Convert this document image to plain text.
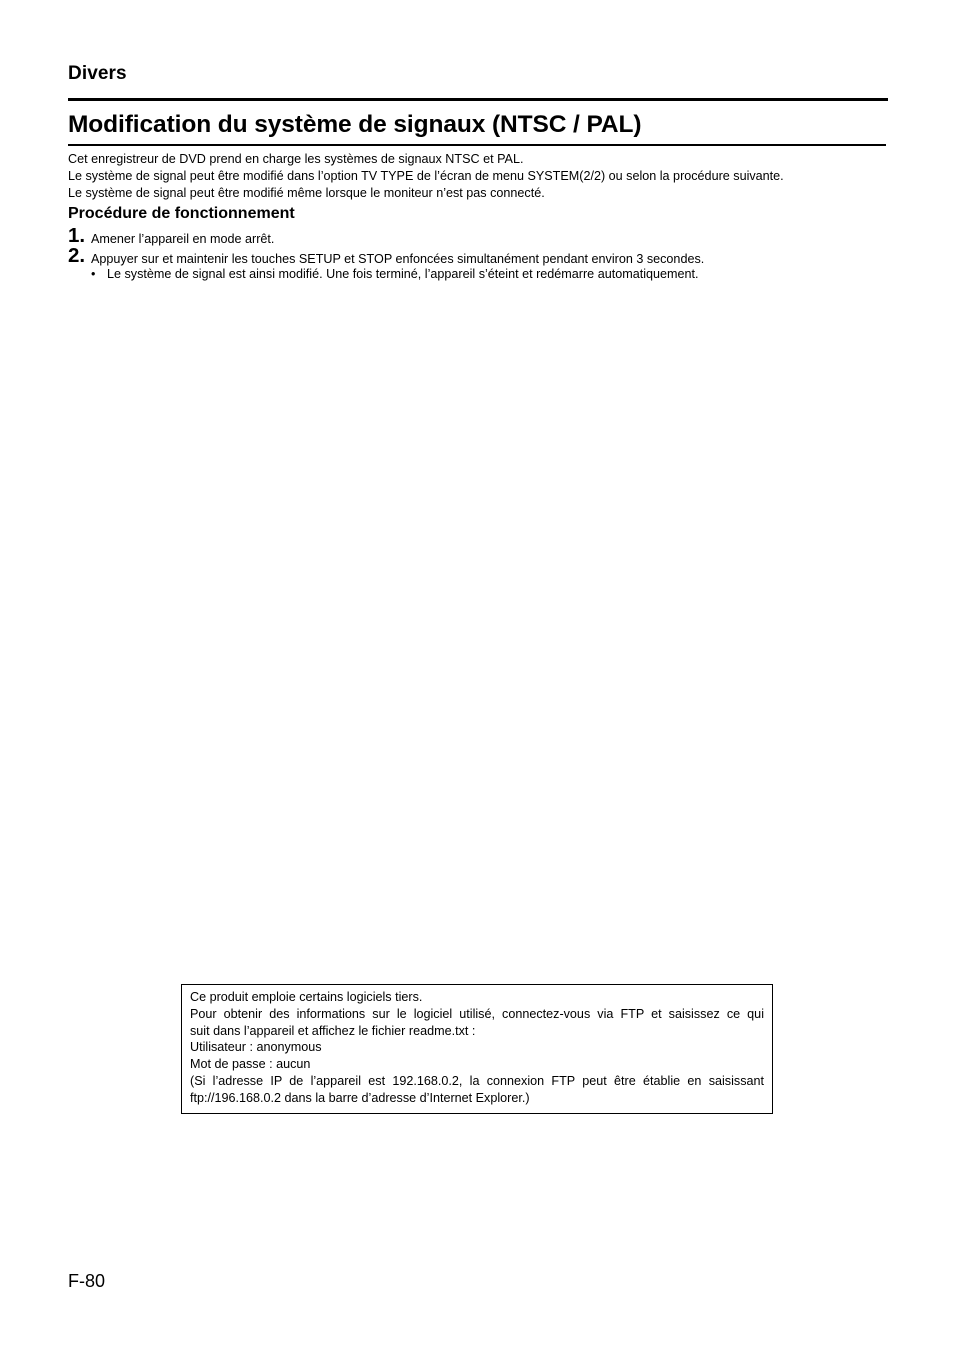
Divers
Modification du système de signaux (NTSC / PAL)
Cet enregistreur de DVD prend en charge les systèmes de signaux NTSC et PAL.
Le système de signal peut être modifié dans l’option TV TYPE de l’écran de menu SYSTEM(2/2) ou selon la procédure suivante.
Le système de signal peut être modifié même lorsque le moniteur n’est pas connecté.
Procédure de fonctionnement
1. Amener l’appareil en mode arrêt.
2. Appuyer sur et maintenir les touches SETUP et STOP enfoncées simultanément pendant environ 3 secondes.
• Le système de signal est ainsi modifié. Une fois terminé, l’appareil s’éteint et redémarre automatiquement.
Ce produit emploie certains logiciels tiers.
Pour obtenir des informations sur le logiciel utilisé, connectez-vous via FTP et saisissez ce qui
suit dans l’appareil et affichez le fichier readme.txt :
Utilisateur : anonymous
Mot de passe : aucun
(Si l’adresse IP de l’appareil est 192.168.0.2, la connexion FTP peut être établie en saisissant
ftp://196.168.0.2 dans la barre d’adresse d’Internet Explorer.)
F-80
